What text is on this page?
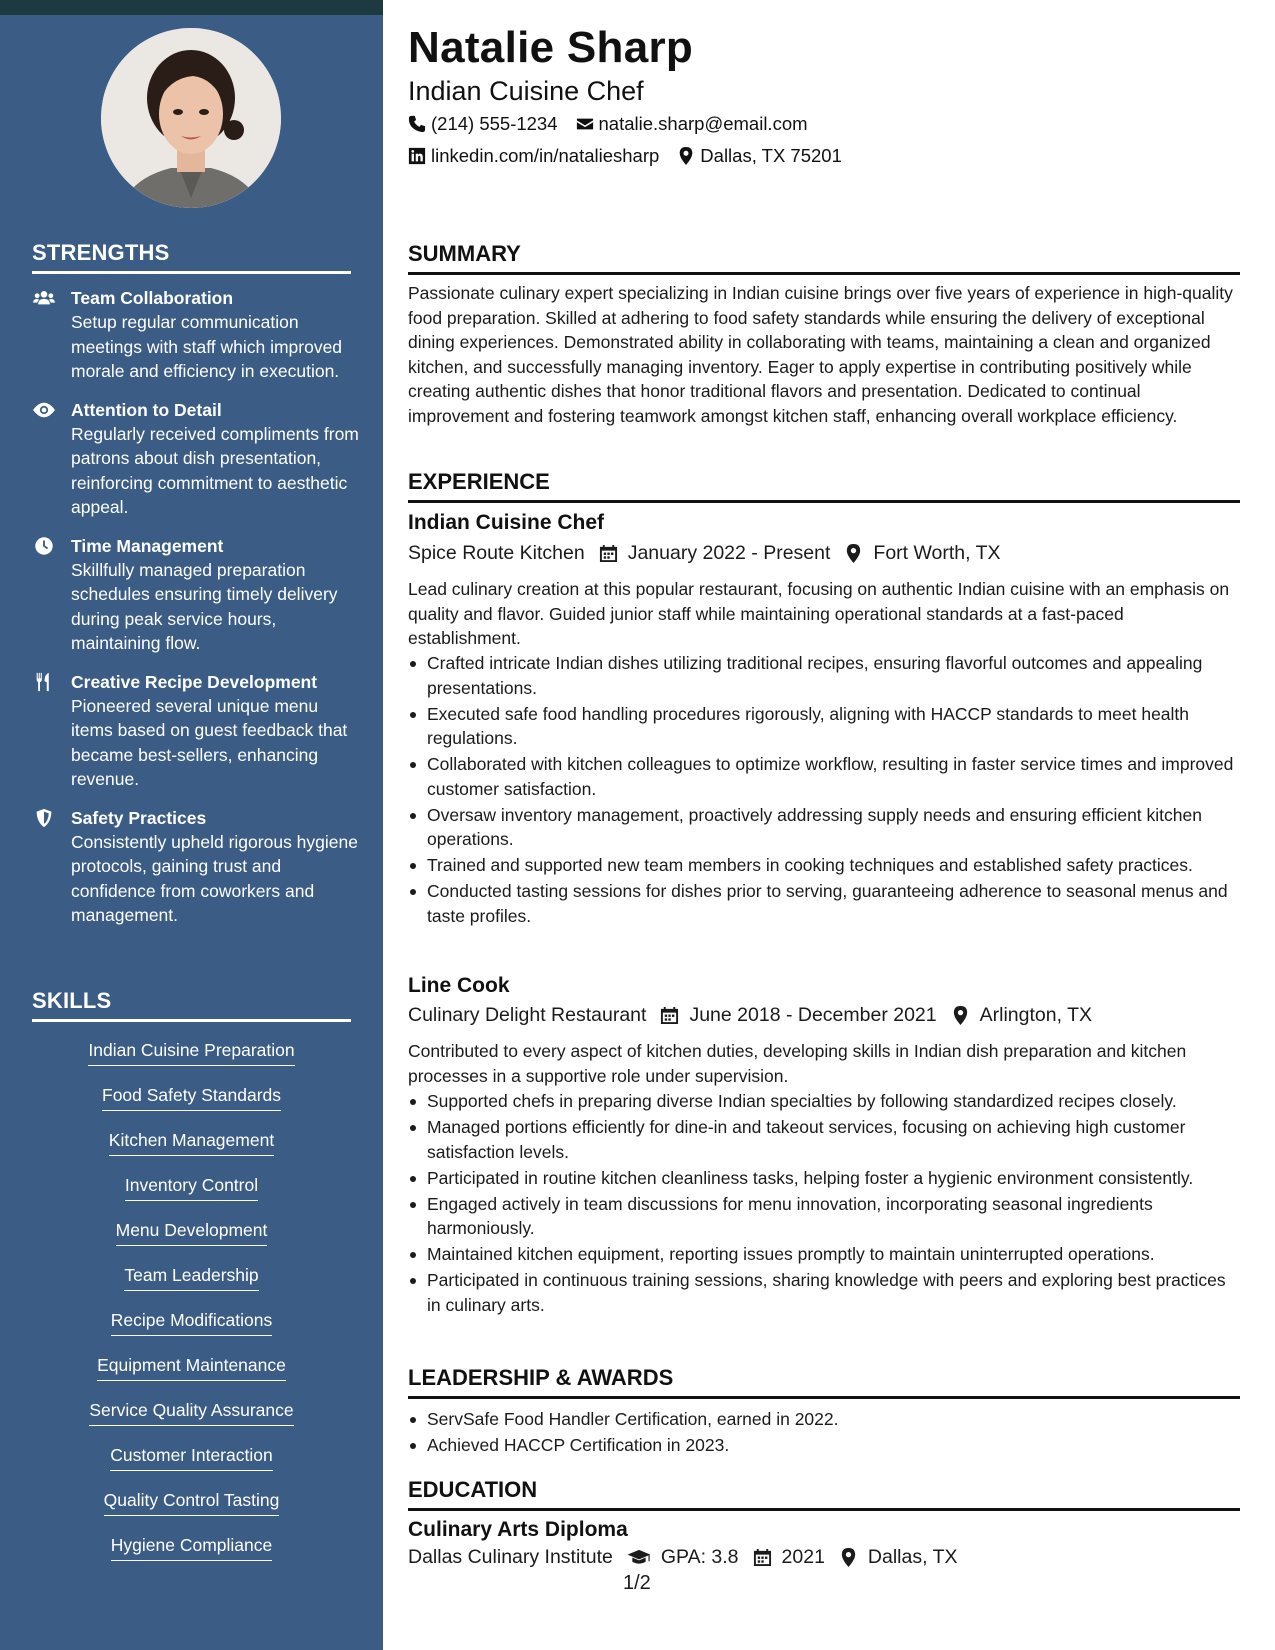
STRENGTHS
Team Collaboration
Setup regular communication meetings with staff which improved morale and efficiency in execution.
Attention to Detail
Regularly received compliments from patrons about dish presentation, reinforcing commitment to aesthetic appeal.
Time Management
Skillfully managed preparation schedules ensuring timely delivery during peak service hours, maintaining flow.
Creative Recipe Development
Pioneered several unique menu items based on guest feedback that became best-sellers, enhancing revenue.
Safety Practices
Consistently upheld rigorous hygiene protocols, gaining trust and confidence from coworkers and management.
SKILLS
Indian Cuisine Preparation
Food Safety Standards
Kitchen Management
Inventory Control
Menu Development
Team Leadership
Recipe Modifications
Equipment Maintenance
Service Quality Assurance
Customer Interaction
Quality Control Tasting
Hygiene Compliance
Natalie Sharp
Indian Cuisine Chef
(214) 555-1234 natalie.sharp@email.com
linkedin.com/in/nataliesharp Dallas, TX 75201
SUMMARY
Passionate culinary expert specializing in Indian cuisine brings over five years of experience in high-quality food preparation. Skilled at adhering to food safety standards while ensuring the delivery of exceptional dining experiences. Demonstrated ability in collaborating with teams, maintaining a clean and organized kitchen, and successfully managing inventory. Eager to apply expertise in contributing positively while creating authentic dishes that honor traditional flavors and presentation. Dedicated to continual improvement and fostering teamwork amongst kitchen staff, enhancing overall workplace efficiency.
EXPERIENCE
Indian Cuisine Chef
Spice Route Kitchen January 2022 - Present Fort Worth, TX
Lead culinary creation at this popular restaurant, focusing on authentic Indian cuisine with an emphasis on quality and flavor. Guided junior staff while maintaining operational standards at a fast-paced establishment.
Crafted intricate Indian dishes utilizing traditional recipes, ensuring flavorful outcomes and appealing presentations.
Executed safe food handling procedures rigorously, aligning with HACCP standards to meet health regulations.
Collaborated with kitchen colleagues to optimize workflow, resulting in faster service times and improved customer satisfaction.
Oversaw inventory management, proactively addressing supply needs and ensuring efficient kitchen operations.
Trained and supported new team members in cooking techniques and established safety practices.
Conducted tasting sessions for dishes prior to serving, guaranteeing adherence to seasonal menus and taste profiles.
Line Cook
Culinary Delight Restaurant June 2018 - December 2021 Arlington, TX
Contributed to every aspect of kitchen duties, developing skills in Indian dish preparation and kitchen processes in a supportive role under supervision.
Supported chefs in preparing diverse Indian specialties by following standardized recipes closely.
Managed portions efficiently for dine-in and takeout services, focusing on achieving high customer satisfaction levels.
Participated in routine kitchen cleanliness tasks, helping foster a hygienic environment consistently.
Engaged actively in team discussions for menu innovation, incorporating seasonal ingredients harmoniously.
Maintained kitchen equipment, reporting issues promptly to maintain uninterrupted operations.
Participated in continuous training sessions, sharing knowledge with peers and exploring best practices in culinary arts.
LEADERSHIP & AWARDS
ServSafe Food Handler Certification, earned in 2022.
Achieved HACCP Certification in 2023.
EDUCATION
Culinary Arts Diploma
Dallas Culinary Institute GPA: 3.8 2021 Dallas, TX
1/2
